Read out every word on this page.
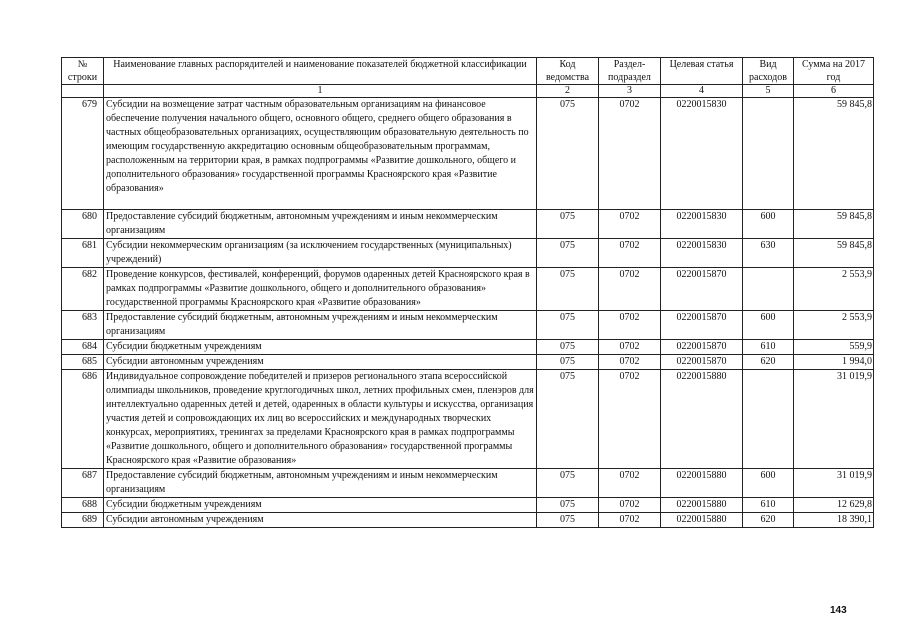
№ строки	Наименование главных распорядителей и наименование показателей бюджетной классификации	Код ведомства	Раздел- подраздел	Целевая статья	Вид расходов	Сумма на 2017 год
	1	2	3	4	5	6
679	Субсидии на возмещение затрат частным образовательным организациям на финансовое обеспечение получения начального общего, основного общего, среднего общего образования в частных общеобразовательных организациях, осуществляющим образовательную деятельность по имеющим государственную аккредитацию основным общеобразовательным программам, расположенным на территории края, в рамках подпрограммы «Развитие дошкольного, общего и дополнительного образования» государственной программы Красноярского края «Развитие образования»	075	0702	0220015830		59 845,8
680	Предоставление субсидий бюджетным, автономным учреждениям и иным некоммерческим организациям	075	0702	0220015830	600	59 845,8
681	Субсидии некоммерческим организациям (за исключением государственных (муниципальных) учреждений)	075	0702	0220015830	630	59 845,8
682	Проведение конкурсов, фестивалей, конференций, форумов одаренных детей Красноярского края в рамках подпрограммы «Развитие дошкольного, общего и дополнительного образования» государственной программы Красноярского края «Развитие образования»	075	0702	0220015870		2 553,9
683	Предоставление субсидий бюджетным, автономным учреждениям и иным некоммерческим организациям	075	0702	0220015870	600	2 553,9
684	Субсидии бюджетным учреждениям	075	0702	0220015870	610	559,9
685	Субсидии автономным учреждениям	075	0702	0220015870	620	1 994,0
686	Индивидуальное сопровождение победителей и призеров регионального этапа всероссийской олимпиады школьников, проведение круглогодичных школ, летних профильных смен, пленэров для интеллектуально одаренных детей и детей, одаренных в области культуры и искусства, организация участия детей и сопровождающих их лиц во всероссийских и международных творческих конкурсах, мероприятиях, тренингах за пределами Красноярского края в рамках подпрограммы «Развитие дошкольного, общего и дополнительного образования» государственной программы Красноярского края «Развитие образования»	075	0702	0220015880		31 019,9
687	Предоставление субсидий бюджетным, автономным учреждениям и иным некоммерческим организациям	075	0702	0220015880	600	31 019,9
688	Субсидии бюджетным учреждениям	075	0702	0220015880	610	12 629,8
689	Субсидии автономным учреждениям	075	0702	0220015880	620	18 390,1
143
